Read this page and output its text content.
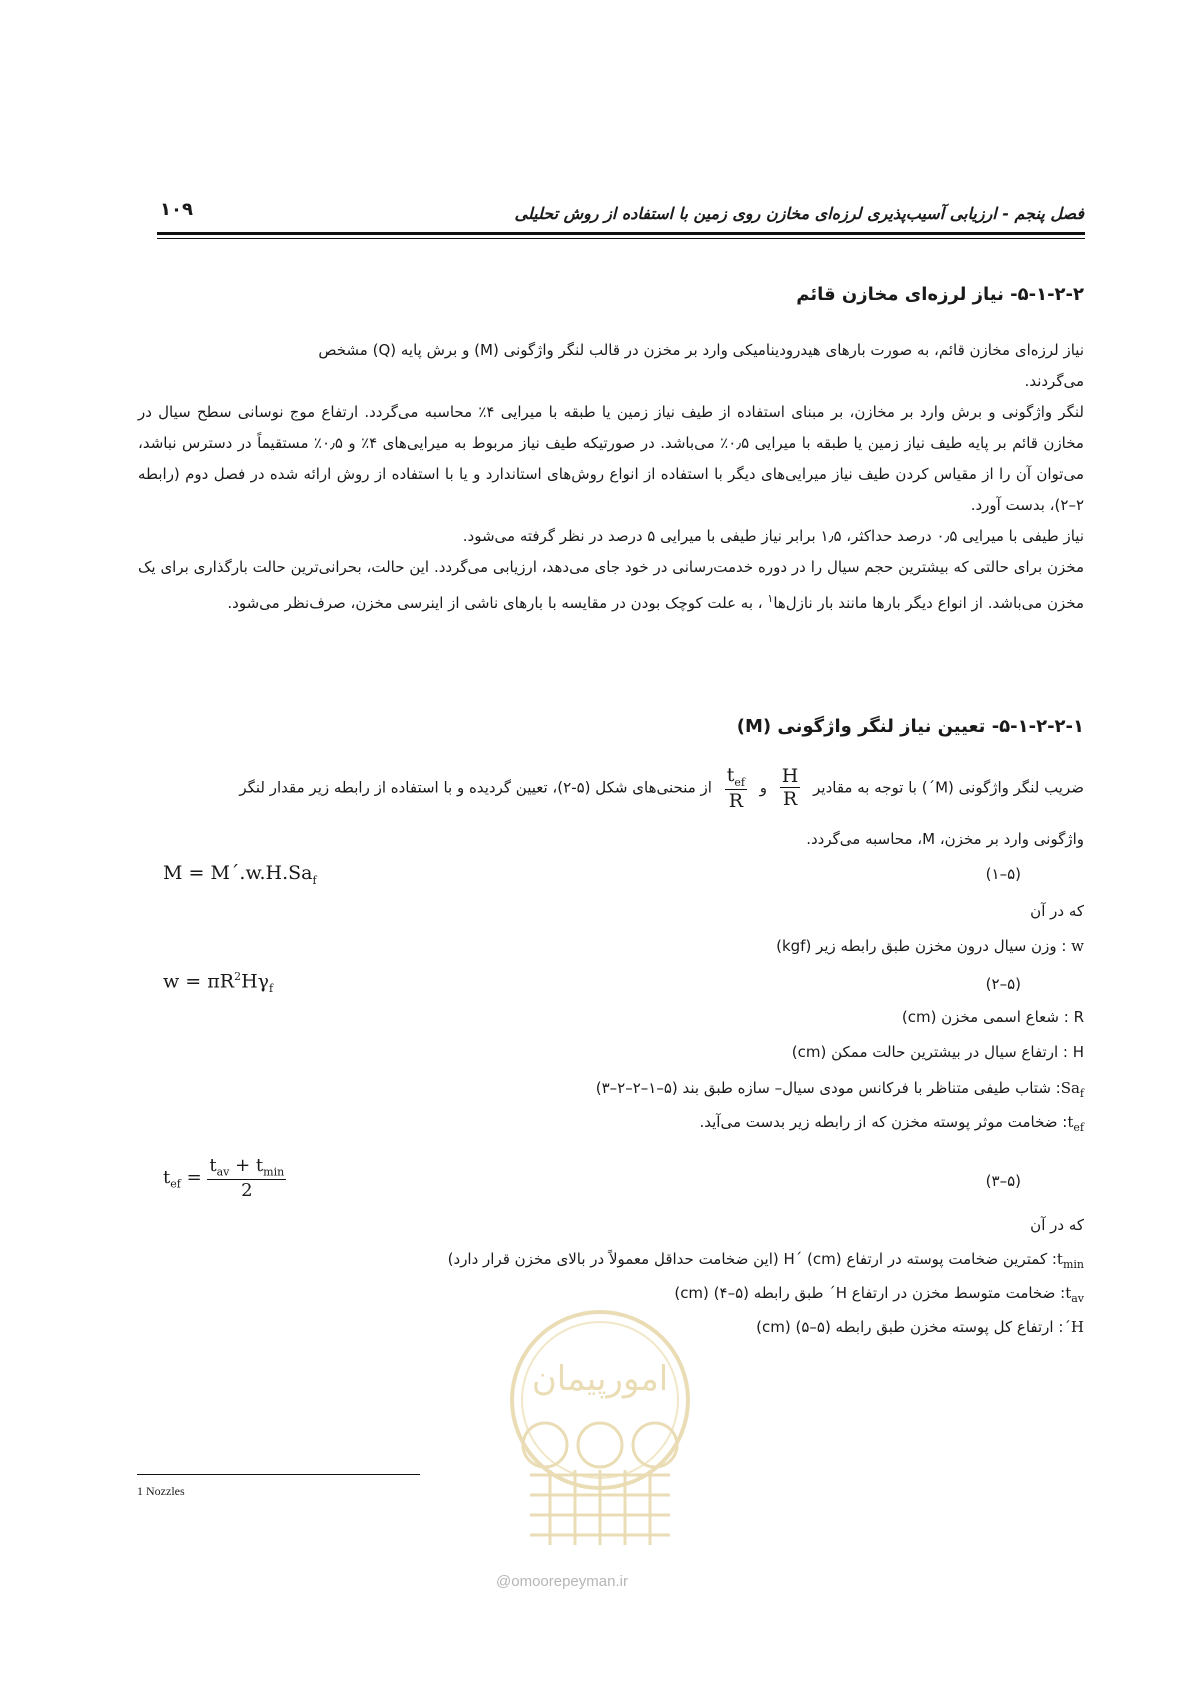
فصل پنجم - ارزیابی آسیب‌پذیری لرزه‌ای مخازن روی زمین با استفاده از روش تحلیلی
۱۰۹
۵-۱-۲-۲- نیاز لرزه‌ای مخازن قائم
نیاز لرزه‌ای مخازن قائم، به صورت بارهای هیدرودینامیکی وارد بر مخزن در قالب لنگر واژگونی (M) و برش پایه (Q) مشخص
می‌گردند.
لنگر واژگونی و برش وارد بر مخازن، بر مبنای استفاده از طیف نیاز زمین یا طبقه با میرایی ۴٪ محاسبه می‌گردد. ارتفاع موج نوسانی سطح سیال در مخازن قائم بر پایه طیف نیاز زمین یا طبقه با میرایی ۰٫۵٪ می‌باشد. در صورتیکه طیف نیاز مربوط به میرایی‌های ۴٪ و ۰٫۵٪ مستقیماً در دسترس نباشد، می‌توان آن را از مقیاس کردن طیف نیاز میرایی‌های دیگر با استفاده از انواع روش‌های استاندارد و یا با استفاده از روش ارائه شده در فصل دوم (رابطه ۲–۲)، بدست آورد.
نیاز طیفی با میرایی ۰٫۵ درصد حداکثر، ۱٫۵ برابر نیاز طیفی با میرایی ۵ درصد در نظر گرفته می‌شود.
مخزن برای حالتی که بیشترین حجم سیال را در دوره خدمت‌رسانی در خود جای می‌دهد، ارزیابی می‌گردد. این حالت، بحرانی‌ترین حالت بارگذاری برای یک مخزن می‌باشد. از انواع دیگر بارها مانند بار نازل‌ها$^۱$ ، به علت کوچک بودن در مقایسه با بارهای ناشی از اینرسی مخزن، صرف‌نظر می‌شود.
۵-۱-۲-۲-۱- تعیین نیاز لنگر واژگونی (M)
ضریب لنگر واژگونی (M´) با توجه به مقادیر
$\frac{H}{R}$
و
$\frac{t_{ef}}{R}$
از منحنی‌های شکل (۵-۲)، تعیین گردیده و با استفاده از رابطه زیر مقدار لنگر
واژگونی وارد بر مخزن، M، محاسبه می‌گردد.
$M = M´.w.H.Sa_f$	(۵–۱)
که در آن
w : وزن سیال درون مخزن طبق رابطه زیر (kgf)
$w = \pi R^2H\gamma_f$	(۵–۲)
R : شعاع اسمی مخزن (cm)
H : ارتفاع سیال در بیشترین حالت ممکن (cm)
$Sa_f$: شتاب طیفی متناظر با فرکانس مودی سیال– سازه طبق بند (۵–۱–۲–۲–۳)
$t_{ef}$: ضخامت موثر پوسته مخزن که از رابطه زیر بدست می‌آید.
$t_{ef} = \frac{t_{av} + t_{min}}{2}$	(۵–۳)
که در آن
$t_{min}$: کمترین ضخامت پوسته در ارتفاع H´ (cm) (این ضخامت حداقل معمولاً در بالای مخزن قرار دارد)
$t_{av}$: ضخامت متوسط مخزن در ارتفاع H´ طبق رابطه (۵–۴) (cm)
H´: ارتفاع کل پوسته مخزن طبق رابطه (۵–۵) (cm)
امورپیمان
@omoorepeyman.ir
1 Nozzles
